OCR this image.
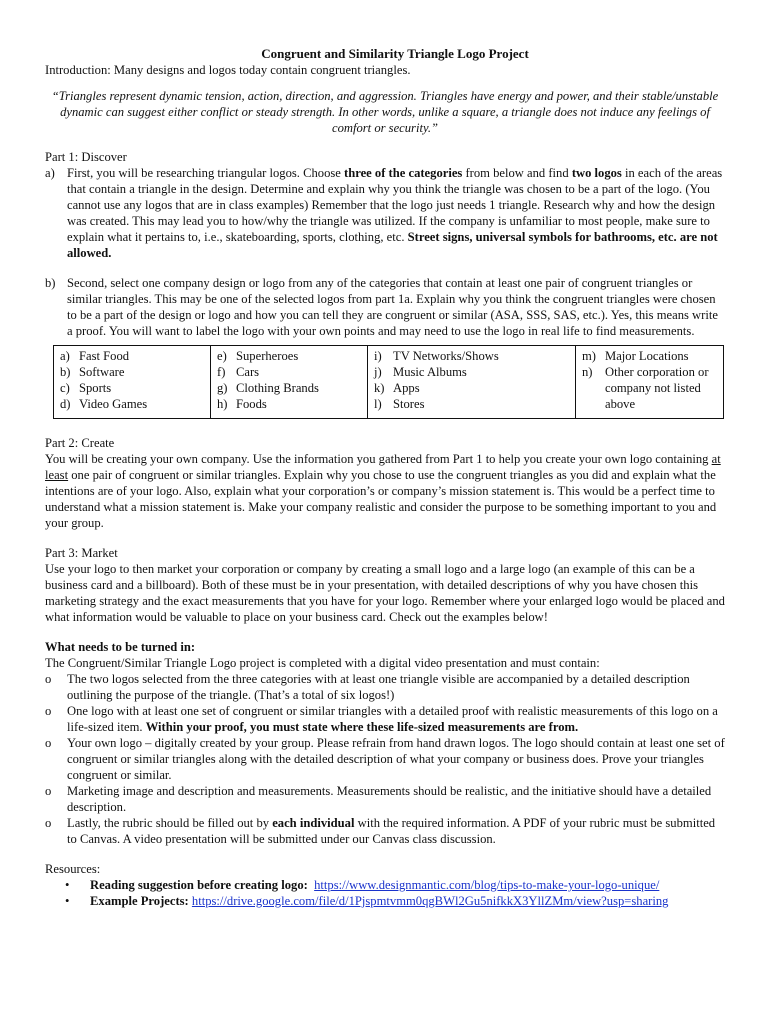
Congruent and Similarity Triangle Logo Project

Introduction: Many designs and logos today contain congruent triangles.

“Triangles represent dynamic tension, action, direction, and aggression. Triangles have energy and power, and their stable/unstable dynamic can suggest either conflict or steady strength. In other words, unlike a square, a triangle does not induce any feelings of comfort or security.”

Part 1: Discover

a) First, you will be researching triangular logos. Choose three of the categories from below and find two logos in each of the areas that contain a triangle in the design. Determine and explain why you think the triangle was chosen to be a part of the logo. (You cannot use any logos that are in class examples) Remember that the logo just needs 1 triangle. Research why and how the design was created. This may lead you to how/why the triangle was utilized. If the company is unfamiliar to most people, make sure to explain what it pertains to, i.e., skateboarding, sports, clothing, etc. Street signs, universal symbols for bathrooms, etc. are not allowed.
b) Second, select one company design or logo from any of the categories that contain at least one pair of congruent triangles or similar triangles. This may be one of the selected logos from part 1a. Explain why you think the congruent triangles were chosen to be a part of the design or logo and how you can tell they are congruent or similar (ASA, SSS, SAS, etc.). Yes, this means write a proof. You will want to label the logo with your own points and may need to use the logo in real life to find measurements.
a) Fast Food
b) Software
c) Sports
d) Video Games

e) Superheroes
f) Cars
g) Clothing Brands
h) Foods

i) TV Networks/Shows
j) Music Albums
k) Apps
l) Stores

m) Major Locations
n) Other corporation or company not listed above

Part 2: Create

You will be creating your own company. Use the information you gathered from Part 1 to help you create your own logo containing at least one pair of congruent or similar triangles. Explain why you chose to use the congruent triangles as you did and explain what the intentions are of your logo. Also, explain what your corporation’s or company’s mission statement is. This would be a perfect time to understand what a mission statement is. Make your company realistic and consider the purpose to be something important to you and your group.

Part 3: Market

Use your logo to then market your corporation or company by creating a small logo and a large logo (an example of this can be a business card and a billboard). Both of these must be in your presentation, with detailed descriptions of why you have chosen this marketing strategy and the exact measurements that you have for your logo. Remember where your enlarged logo would be placed and what information would be valuable to place on your business card. Check out the examples below!

What needs to be turned in:

The Congruent/Similar Triangle Logo project is completed with a digital video presentation and must contain:

o	The two logos selected from the three categories with at least one triangle visible are accompanied by a detailed description outlining the purpose of the triangle. (That’s a total of six logos!)
o	One logo with at least one set of congruent or similar triangles with a detailed proof with realistic measurements of this logo on a life-sized item. Within your proof, you must state where these life-sized measurements are from.
o	Your own logo – digitally created by your group. Please refrain from hand drawn logos. The logo should contain at least one set of congruent or similar triangles along with the detailed description of what your company or business does. Prove your triangles congruent or similar.
o	Marketing image and description and measurements. Measurements should be realistic, and the initiative should have a detailed description.
o	Lastly, the rubric should be filled out by each individual with the required information. A PDF of your rubric must be submitted to Canvas. A video presentation will be submitted under our Canvas class discussion.

Resources:

•	Reading suggestion before creating logo: https://www.designmantic.com/blog/tips-to-make-your-logo-unique/
•	Example Projects: https://drive.google.com/file/d/1Pjspmtvmm0qgBWl2Gu5nifkkX3YllZMm/view?usp=sharing
